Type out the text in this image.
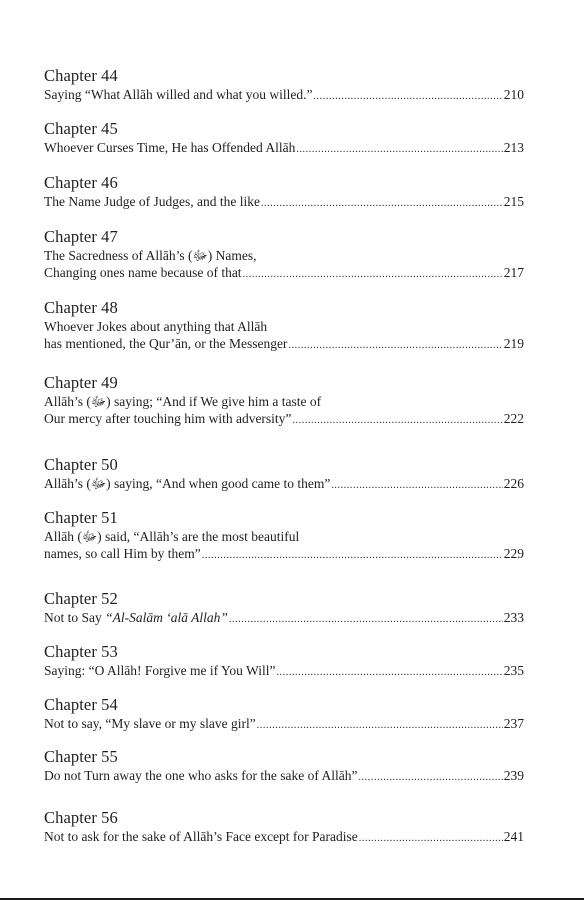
Chapter 44

Saying “What Allāh willed and what you willed.” .....	210

Chapter 45

Whoever Curses Time, He has Offended Allāh .....	213

Chapter 46

The Name Judge of Judges, and the like .....	215

Chapter 47

The Sacredness of Allāh’s (ﷻ) Names,

Changing ones name because of that .....	217

Chapter 48

Whoever Jokes about anything that Allāh

has mentioned, the Qur’ān, or the Messenger .....	219

Chapter 49

Allāh’s (ﷻ) saying; “And if We give him a taste of

Our mercy after touching him with adversity” .....	222

Chapter 50

Allāh’s (ﷻ) saying, “And when good came to them” .....	226

Chapter 51

Allāh (ﷻ) said, “Allāh’s are the most beautiful

names, so call Him by them” .....	229

Chapter 52

Not to Say “Al-Salām ‘alā Allah” .....	233

Chapter 53

Saying: “O Allāh! Forgive me if You Will” .....	235

Chapter 54

Not to say, “My slave or my slave girl” .....	237

Chapter 55

Do not Turn away the one who asks for the sake of Allāh” .....	239

Chapter 56

Not to ask for the sake of Allāh’s Face except for Paradise .....	241
